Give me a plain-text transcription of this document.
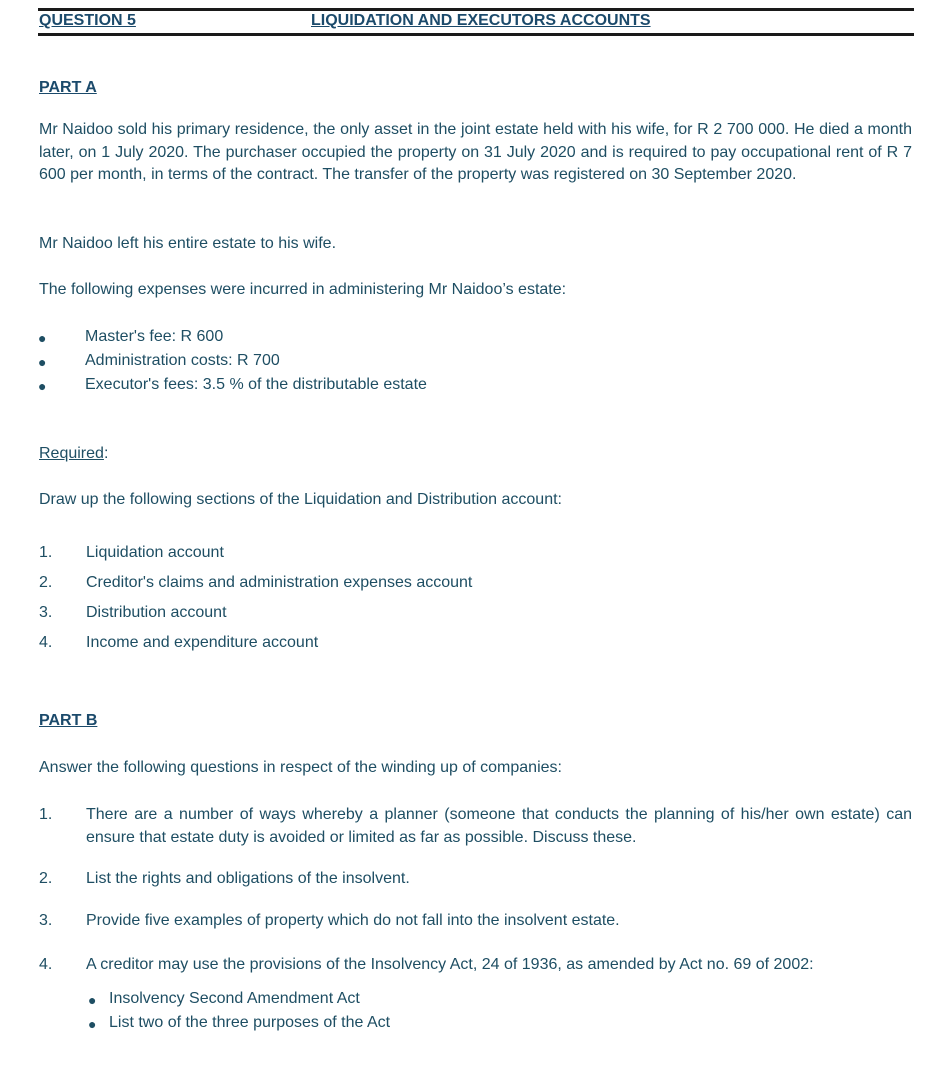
QUESTION 5	LIQUIDATION AND EXECUTORS ACCOUNTS
PART A
Mr Naidoo sold his primary residence, the only asset in the joint estate held with his wife, for R 2 700 000. He died a month later, on 1 July 2020. The purchaser occupied the property on 31 July 2020 and is required to pay occupational rent of R 7 600 per month, in terms of the contract. The transfer of the property was registered on 30 September 2020.
Mr Naidoo left his entire estate to his wife.
The following expenses were incurred in administering Mr Naidoo’s estate:
● Master's fee: R 600
● Administration costs: R 700
● Executor's fees: 3.5 % of the distributable estate
Required:
Draw up the following sections of the Liquidation and Distribution account:
1. Liquidation account
2. Creditor's claims and administration expenses account
3. Distribution account
4. Income and expenditure account
PART B
Answer the following questions in respect of the winding up of companies:
1. There are a number of ways whereby a planner (someone that conducts the planning of his/her own estate) can ensure that estate duty is avoided or limited as far as possible. Discuss these.
2. List the rights and obligations of the insolvent.
3. Provide five examples of property which do not fall into the insolvent estate.
4. A creditor may use the provisions of the Insolvency Act, 24 of 1936, as amended by Act no. 69 of 2002:
● Insolvency Second Amendment Act
● List two of the three purposes of the Act
